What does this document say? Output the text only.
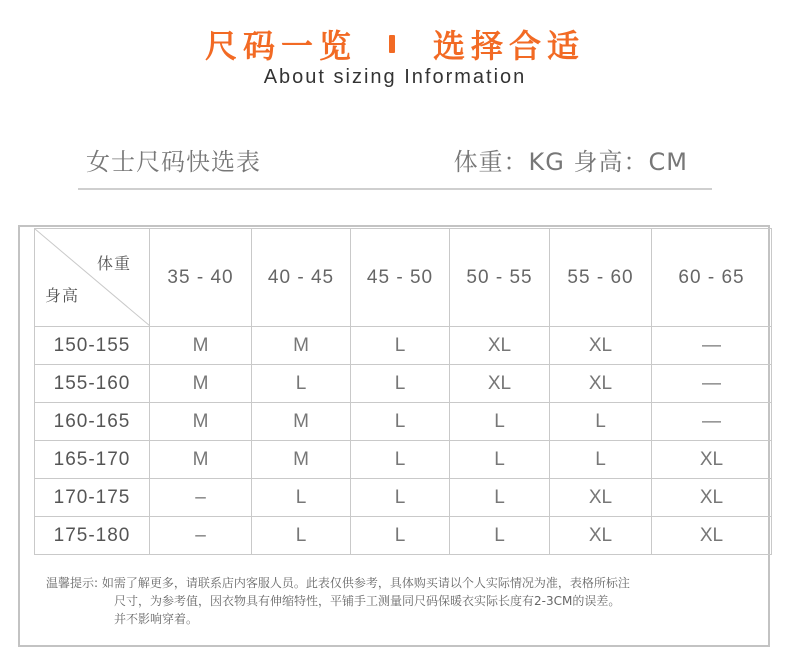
尺码一览 选择合适
About sizing Information
女士尺码快选表	体重：KG 身高：CM
体重
身高	35 - 40	40 - 45	45 - 50	50 - 55	55 - 60	60 - 65
150-155	M	M	L	XL	XL	—
155-160	M	L	L	XL	XL	—
160-165	M	M	L	L	L	—
165-170	M	M	L	L	L	XL
170-175	–	L	L	L	XL	XL
175-180	–	L	L	L	XL	XL
温馨提示: 如需了解更多，请联系店内客服人员。此表仅供参考，具体购买请以个人实际情况为准，表格所标注
尺寸，为参考值，因衣物具有伸缩特性，平铺手工测量同尺码保暖衣实际长度有2-3CM的误差。
并不影响穿着。
